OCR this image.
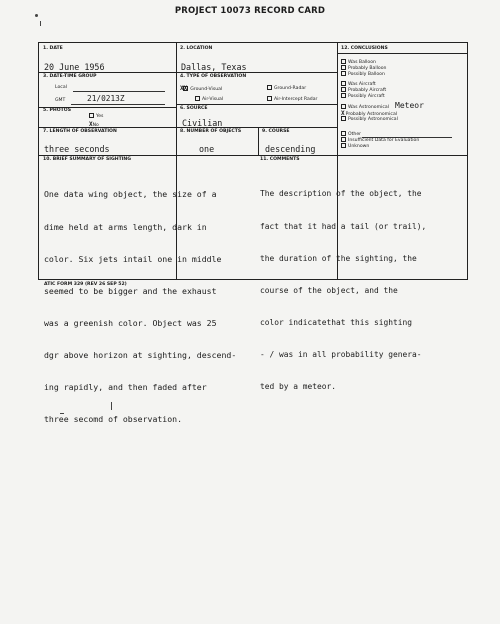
PROJECT 10073 RECORD CARD
1. DATE
20 June 1956
2. LOCATION
Dallas, Texas
3. DATE-TIME GROUP
Local
GMT	21/0213Z
4. TYPE OF OBSERVATION
XX Ground-Visual	Ground-Radar
Air-Visual	Air-Intercept Radar
5. PHOTOS
Yes
XNo
6. SOURCE
Civilian
7. LENGTH OF OBSERVATION
three seconds
8. NUMBER OF OBJECTS
one
9. COURSE
descending
10. BRIEF SUMMARY OF SIGHTING

One data wing object, the size of a

dime held at arms length, dark in

color. Six jets intail one in middle

seemed to be bigger and the exhaust

was a greenish color. Object was 25

dgr above horizon at sighting, descend-

ing rapidly, and then faded after

three secomd of observation.

11. COMMENTS

The description of the object, the

fact that it had a tail (or trail),

the duration of the sighting, the

course of the object, and the

color indicatethat this sighting

- / was in all probability genera-

ted by a meteor.

12. CONCLUSIONS
Was Balloon
Probably Balloon
Possibly Balloon
Was Aircraft
Probably Aircraft
Possibly Aircraft
Was Astronomical Meteor
XProbably Astronomical
Possibly Astronomical
Other
Insufficient Data for Evaluation
Unknown
ATIC FORM 329 (REV 26 SEP 52)
